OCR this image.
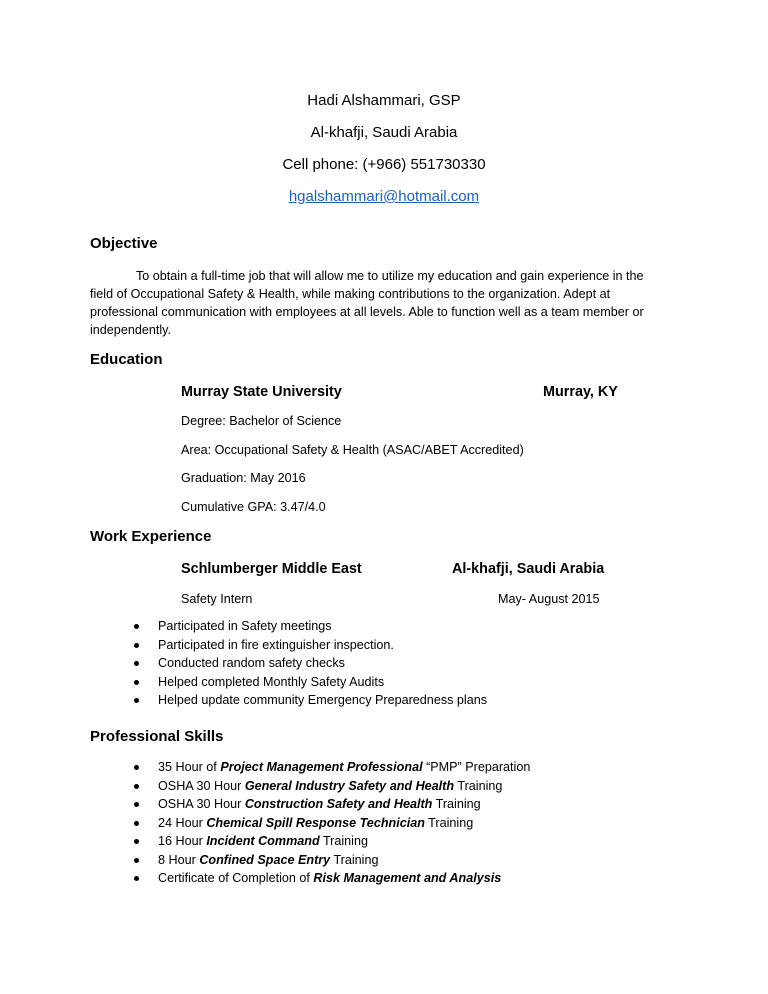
Hadi Alshammari, GSP
Al-khafji, Saudi Arabia
Cell phone: (+966) 551730330
hgalshammari@hotmail.com
Objective
To obtain a full-time job that will allow me to utilize my education and gain experience in the field of Occupational Safety & Health, while making contributions to the organization. Adept at professional communication with employees at all levels. Able to function well as a team member or independently.
Education
Murray State University	Murray, KY
Degree: Bachelor of Science
Area: Occupational Safety & Health (ASAC/ABET Accredited)
Graduation: May 2016
Cumulative GPA: 3.47/4.0
Work Experience
Schlumberger Middle East	Al-khafji, Saudi Arabia
Safety Intern	May- August 2015
Participated in Safety meetings
Participated in fire extinguisher inspection.
Conducted random safety checks
Helped completed Monthly Safety Audits
Helped update community Emergency Preparedness plans
Professional Skills
35 Hour of Project Management Professional “PMP” Preparation
OSHA 30 Hour General Industry Safety and Health Training
OSHA 30 Hour Construction Safety and Health Training
24 Hour Chemical Spill Response Technician Training
16 Hour Incident Command Training
8 Hour Confined Space Entry Training
Certificate of Completion of Risk Management and Analysis
